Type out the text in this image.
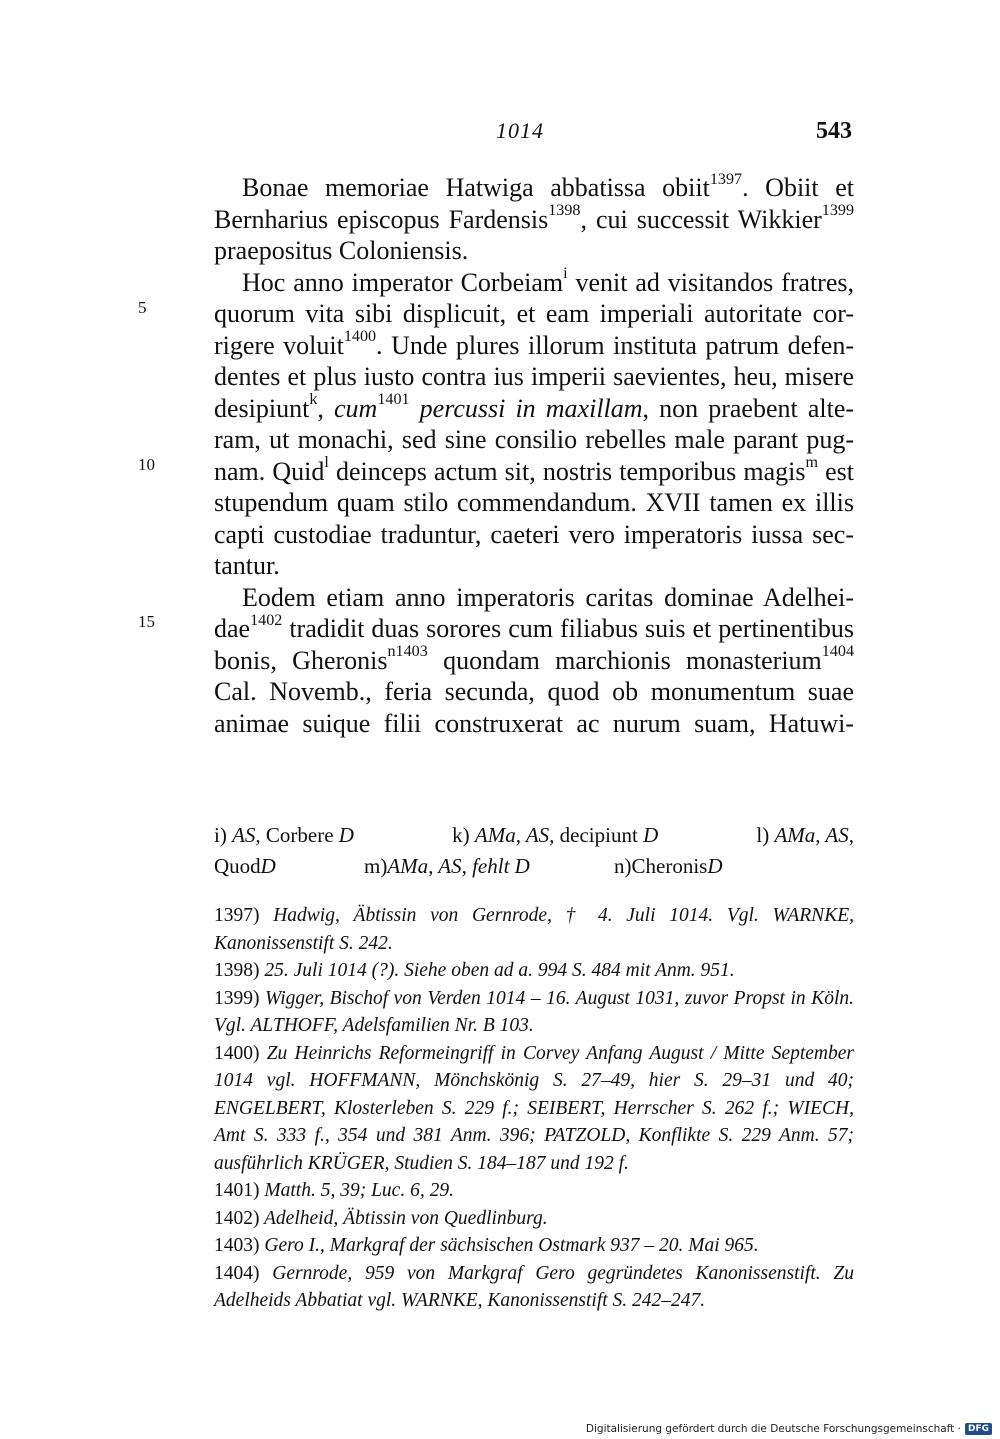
1014	543
5
10
15
Bonae memoriae Hatwiga abbatissa obiit$^{1397}$. Obiit et
Bernharius episcopus Fardensis$^{1398}$, cui successit Wikkier$^{1399}$
praepositus Coloniensis.
Hoc anno imperator Corbeiam$^i$ venit ad visitandos fratres,
quorum vita sibi displicuit, et eam imperiali autoritate cor-
rigere voluit$^{1400}$. Unde plures illorum instituta patrum defen-
dentes et plus iusto contra ius imperii saevientes, heu, misere
desipiunt$^k$, cum$^{1401}$ percussi in maxillam, non praebent alte-
ram, ut monachi, sed sine consilio rebelles male parant pug-
nam. Quid$^l$ deinceps actum sit, nostris temporibus magis$^m$ est
stupendum quam stilo commendandum. XVII tamen ex illis
capti custodiae traduntur, caeteri vero imperatoris iussa sec-
tantur.
Eodem etiam anno imperatoris caritas dominae Adelhei-
dae$^{1402}$ tradidit duas sorores cum filiabus suis et pertinentibus
bonis, Gheronis$^{n1403}$ quondam marchionis monasterium$^{1404}$
Cal. Novemb., feria secunda, quod ob monumentum suae
animae suique filii construxerat ac nurum suam, Hatuwi-
i) AS, Corbere D	k) AMa, AS, decipiunt D	l) AMa, AS,
QuodD	m)AMa, AS, fehlt D	n)CheronisD
1397) Hadwig, Äbtissin von Gernrode, † 4. Juli 1014. Vgl. WARNKE, Kanonissenstift S. 242.
1398) 25. Juli 1014 (?). Siehe oben ad a. 994 S. 484 mit Anm. 951.
1399) Wigger, Bischof von Verden 1014 – 16. August 1031, zuvor Propst in Köln. Vgl. ALTHOFF, Adelsfamilien Nr. B 103.
1400) Zu Heinrichs Reformeingriff in Corvey Anfang August / Mitte September 1014 vgl. HOFFMANN, Mönchskönig S. 27–49, hier S. 29–31 und 40; ENGELBERT, Klosterleben S. 229 f.; SEIBERT, Herrscher S. 262 f.; WIECH, Amt S. 333 f., 354 und 381 Anm. 396; PATZOLD, Konflikte S. 229 Anm. 57; ausführlich KRÜGER, Studien S. 184–187 und 192 f.
1401) Matth. 5, 39; Luc. 6, 29.
1402) Adelheid, Äbtissin von Quedlinburg.
1403) Gero I., Markgraf der sächsischen Ostmark 937 – 20. Mai 965.
1404) Gernrode, 959 von Markgraf Gero gegründetes Kanonissenstift. Zu Adelheids Abbatiat vgl. WARNKE, Kanonissenstift S. 242–247.
Digitalisierung gefördert durch die Deutsche Forschungsgemeinschaft · DFG
